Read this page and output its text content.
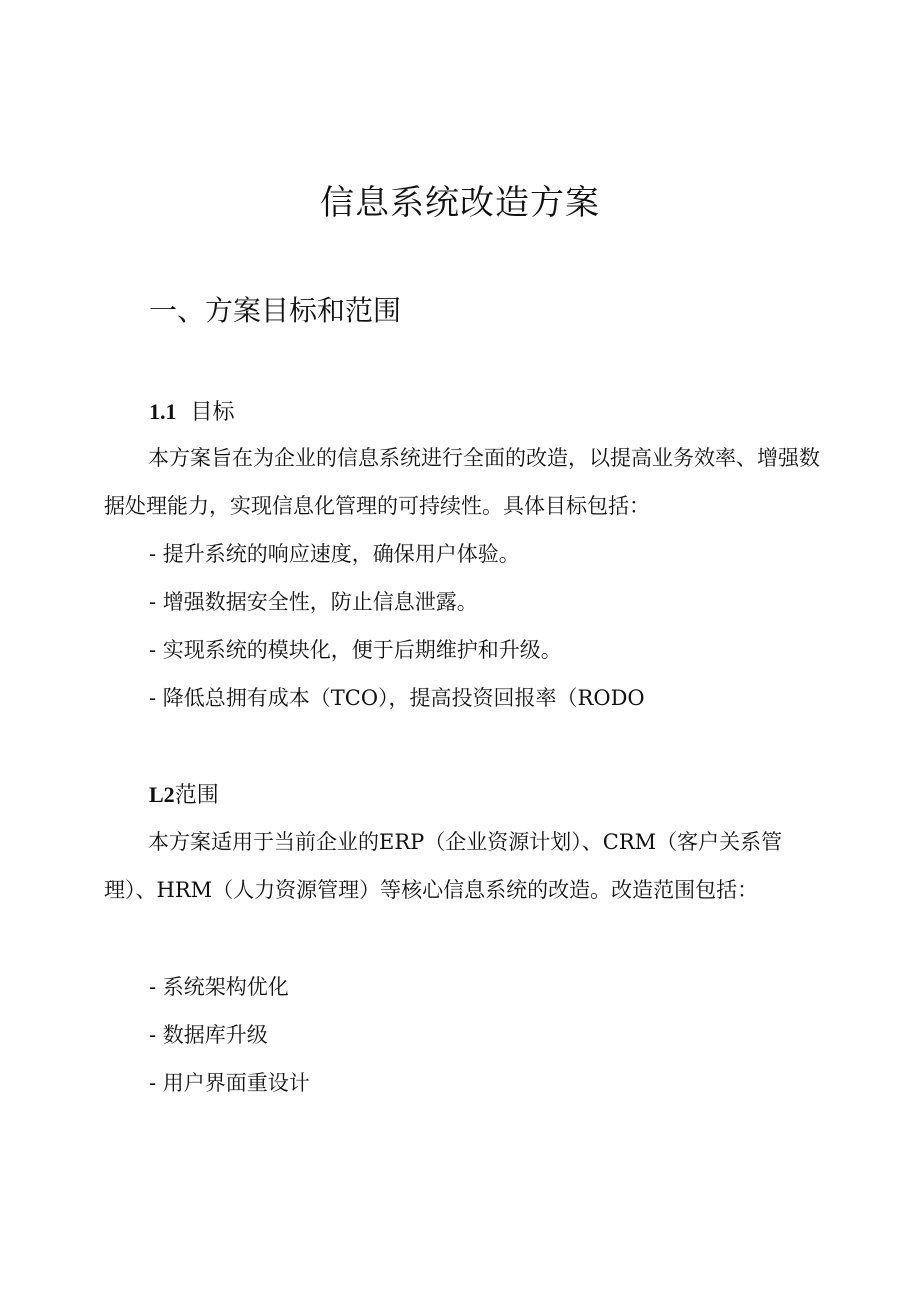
信息系统改造方案
一、方案目标和范围
1.1 目标
本方案旨在为企业的信息系统进行全面的改造，以提高业务效率、增强数据处理能力，实现信息化管理的可持续性。具体目标包括：
- 提升系统的响应速度，确保用户体验。
- 增强数据安全性，防止信息泄露。
- 实现系统的模块化，便于后期维护和升级。
- 降低总拥有成本（TCO），提高投资回报率（RODO
L2范围
本方案适用于当前企业的ERP（企业资源计划）、CRM（客户关系管理）、HRM（人力资源管理）等核心信息系统的改造。改造范围包括：
- 系统架构优化
- 数据库升级
- 用户界面重设计
